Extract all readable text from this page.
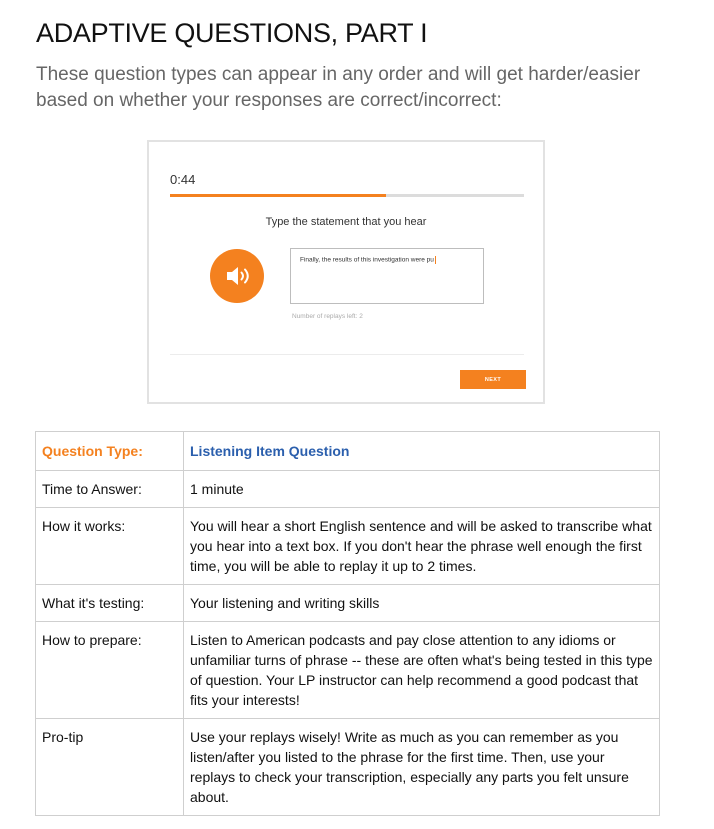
ADAPTIVE QUESTIONS, PART I

These question types can appear in any order and will get harder/easier based on whether your responses are correct/incorrect:

0:44
Type the statement that you hear
Finally, the results of this investigation were pu
Number of replays left: 2
NEXT
Question Type:	Listening Item Question
Time to Answer:	1 minute
How it works:	You will hear a short English sentence and will be asked to transcribe what you hear into a text box. If you don't hear the phrase well enough the first time, you will be able to replay it up to 2 times.
What it's testing:	Your listening and writing skills
How to prepare:	Listen to American podcasts and pay close attention to any idioms or unfamiliar turns of phrase -- these are often what's being tested in this type of question. Your LP instructor can help recommend a good podcast that fits your interests!
Pro-tip	Use your replays wisely! Write as much as you can remember as you listen/after you listed to the phrase for the first time. Then, use your replays to check your transcription, especially any parts you felt unsure about.
